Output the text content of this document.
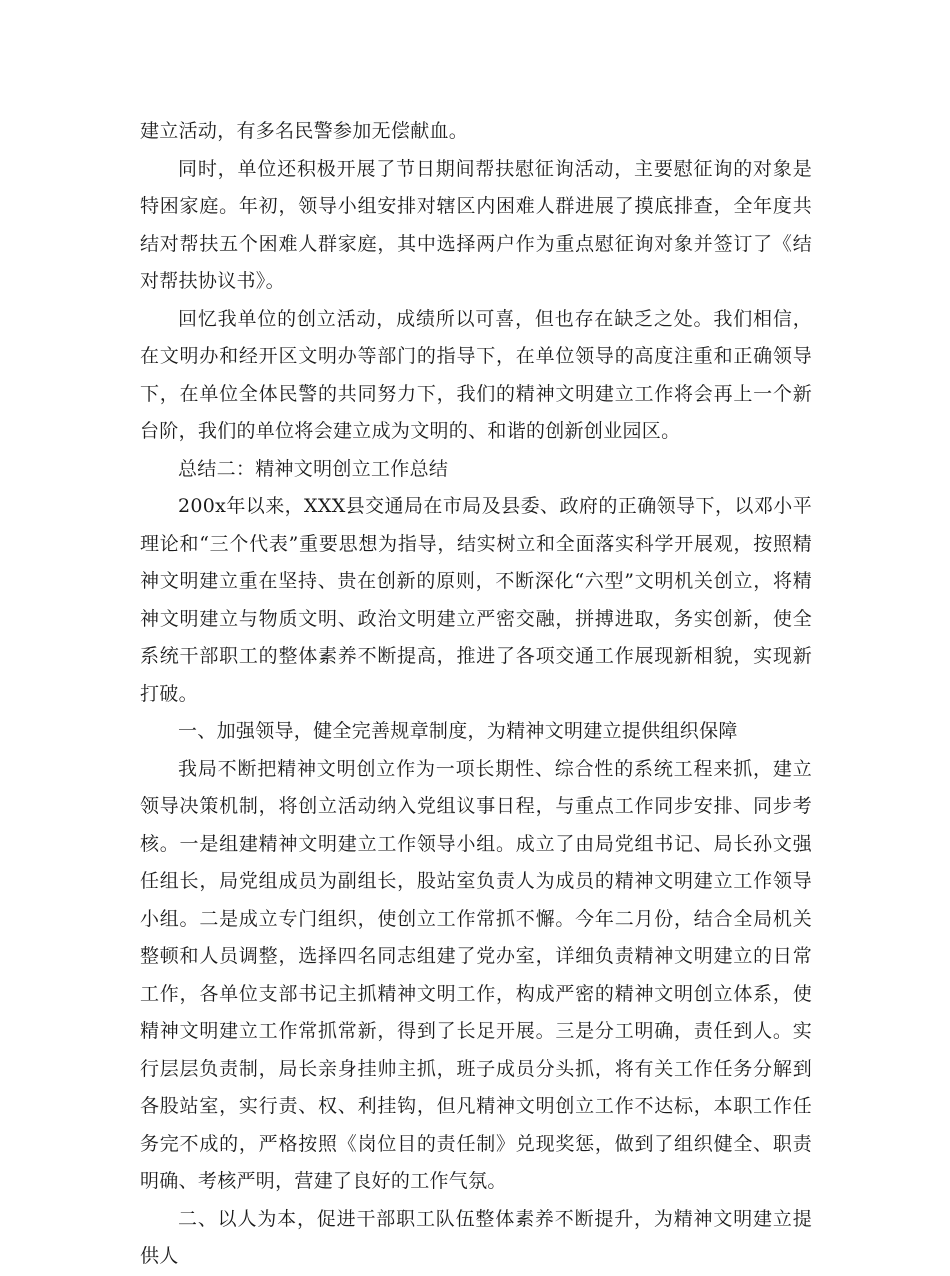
建立活动，有多名民警参加无偿献血。

同时，单位还积极开展了节日期间帮扶慰征询活动，主要慰征询的对象是特困家庭。年初，领导小组安排对辖区内困难人群进展了摸底排查，全年度共结对帮扶五个困难人群家庭，其中选择两户作为重点慰征询对象并签订了《结对帮扶协议书》。

回忆我单位的创立活动，成绩所以可喜，但也存在缺乏之处。我们相信，在文明办和经开区文明办等部门的指导下，在单位领导的高度注重和正确领导下，在单位全体民警的共同努力下，我们的精神文明建立工作将会再上一个新台阶，我们的单位将会建立成为文明的、和谐的创新创业园区。

总结二：精神文明创立工作总结

200x年以来，XXX县交通局在市局及县委、政府的正确领导下，以邓小平理论和“三个代表”重要思想为指导，结实树立和全面落实科学开展观，按照精神文明建立重在坚持、贵在创新的原则，不断深化“六型”文明机关创立，将精神文明建立与物质文明、政治文明建立严密交融，拼搏进取，务实创新，使全系统干部职工的整体素养不断提高，推进了各项交通工作展现新相貌，实现新打破。

一、加强领导，健全完善规章制度，为精神文明建立提供组织保障

我局不断把精神文明创立作为一项长期性、综合性的系统工程来抓，建立领导决策机制，将创立活动纳入党组议事日程，与重点工作同步安排、同步考核。一是组建精神文明建立工作领导小组。成立了由局党组书记、局长孙文强任组长，局党组成员为副组长，股站室负责人为成员的精神文明建立工作领导小组。二是成立专门组织，使创立工作常抓不懈。今年二月份，结合全局机关整顿和人员调整，选择四名同志组建了党办室，详细负责精神文明建立的日常工作，各单位支部书记主抓精神文明工作，构成严密的精神文明创立体系，使精神文明建立工作常抓常新，得到了长足开展。三是分工明确，责任到人。实行层层负责制，局长亲身挂帅主抓，班子成员分头抓，将有关工作任务分解到各股站室，实行责、权、利挂钩，但凡精神文明创立工作不达标，本职工作任务完不成的，严格按照《岗位目的责任制》兑现奖惩，做到了组织健全、职责明确、考核严明，营建了良好的工作气氛。

二、以人为本，促进干部职工队伍整体素养不断提升，为精神文明建立提供人
